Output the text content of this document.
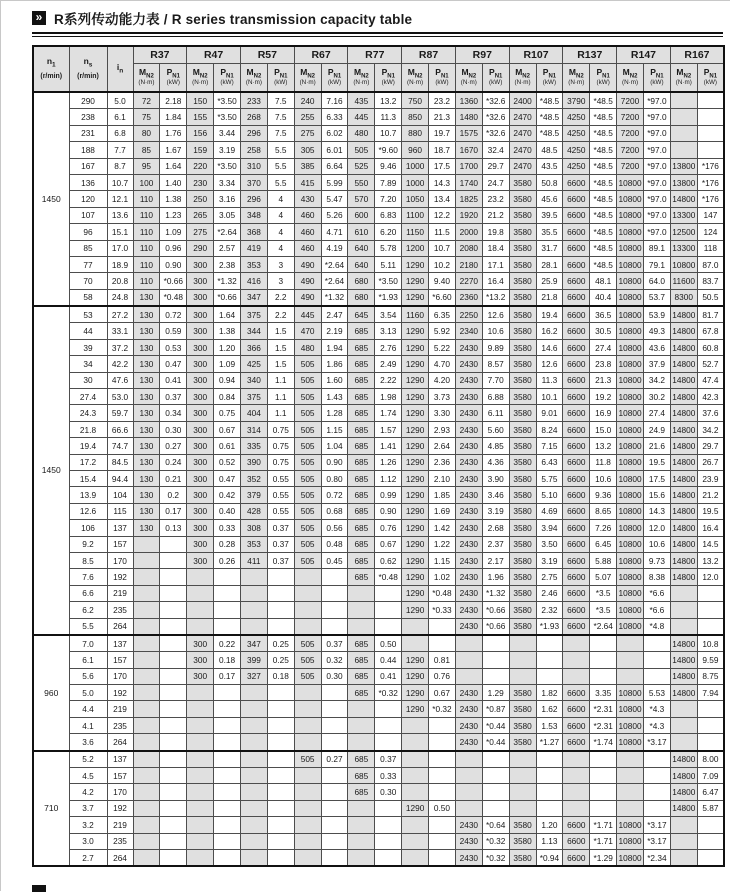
» R系列传动能力表 / R series transmission capacity table
$n_1$
(r/min)	$n_s$
(r/min)	$i_n$	R37		R47		R57		R67		R77		R87		R97		R107		R137		R147		R167	
			$M_{N2}$
(N·m)	$P_{N1}$
(kW)	$M_{N2}$
(N·m)	$P_{N1}$
(kW)	$M_{N2}$
(N·m)	$P_{N1}$
(kW)	$M_{N2}$
(N·m)	$P_{N1}$
(kW)	$M_{N2}$
(N·m)	$P_{N1}$
(kW)	$M_{N2}$
(N·m)	$P_{N1}$
(kW)	$M_{N2}$
(N·m)	$P_{N1}$
(kW)	$M_{N2}$
(N·m)	$P_{N1}$
(kW)	$M_{N2}$
(N·m)	$P_{N1}$
(kW)	$M_{N2}$
(N·m)	$P_{N1}$
(kW)	$M_{N2}$
(N·m)	$P_{N1}$
(kW)

1450	290	5.0	72	2.18	150	*3.50	233	7.5	240	7.16	435	13.2	750	23.2	1360	*32.6	2400	*48.5	3790	*48.5	7200	*97.0		
	238	6.1	75	1.84	155	*3.50	268	7.5	255	6.33	445	11.3	850	21.3	1480	*32.6	2470	*48.5	4250	*48.5	7200	*97.0		
	231	6.8	80	1.76	156	3.44	296	7.5	275	6.02	480	10.7	880	19.7	1575	*32.6	2470	*48.5	4250	*48.5	7200	*97.0		
	188	7.7	85	1.67	159	3.19	258	5.5	305	6.01	505	*9.60	960	18.7	1670	32.4	2470	48.5	4250	*48.5	7200	*97.0		
	167	8.7	95	1.64	220	*3.50	310	5.5	385	6.64	525	9.46	1000	17.5	1700	29.7	2470	43.5	4250	*48.5	7200	*97.0	13800	*176
	136	10.7	100	1.40	230	3.34	370	5.5	415	5.99	550	7.89	1000	14.3	1740	24.7	3580	50.8	6600	*48.5	10800	*97.0	13800	*176
	120	12.1	110	1.38	250	3.16	296	4	430	5.47	570	7.20	1050	13.4	1825	23.2	3580	45.6	6600	*48.5	10800	*97.0	14800	*176
	107	13.6	110	1.23	265	3.05	348	4	460	5.26	600	6.83	1100	12.2	1920	21.2	3580	39.5	6600	*48.5	10800	*97.0	13300	147
	96	15.1	110	1.09	275	*2.64	368	4	460	4.71	610	6.20	1150	11.5	2000	19.8	3580	35.5	6600	*48.5	10800	*97.0	12500	124
	85	17.0	110	0.96	290	2.57	419	4	460	4.19	640	5.78	1200	10.7	2080	18.4	3580	31.7	6600	*48.5	10800	89.1	13300	118
	77	18.9	110	0.90	300	2.38	353	3	490	*2.64	640	5.11	1290	10.2	2180	17.1	3580	28.1	6600	*48.5	10800	79.1	10800	87.0
	70	20.8	110	*0.66	300	*1.32	416	3	490	*2.64	680	*3.50	1290	9.40	2270	16.4	3580	25.9	6600	48.1	10800	64.0	11600	83.7
	58	24.8	130	*0.48	300	*0.66	347	2.2	490	*1.32	680	*1.93	1290	*6.60	2360	*13.2	3580	21.8	6600	40.4	10800	53.7	8300	50.5
1450	53	27.2	130	0.72	300	1.64	375	2.2	445	2.47	645	3.54	1160	6.35	2250	12.6	3580	19.4	6600	36.5	10800	53.9	14800	81.7
	44	33.1	130	0.59	300	1.38	344	1.5	470	2.19	685	3.13	1290	5.92	2340	10.6	3580	16.2	6600	30.5	10800	49.3	14800	67.8
	39	37.2	130	0.53	300	1.20	366	1.5	480	1.94	685	2.76	1290	5.22	2430	9.89	3580	14.6	6600	27.4	10800	43.6	14800	60.8
	34	42.2	130	0.47	300	1.09	425	1.5	505	1.86	685	2.49	1290	4.70	2430	8.57	3580	12.6	6600	23.8	10800	37.9	14800	52.7
	30	47.6	130	0.41	300	0.94	340	1.1	505	1.60	685	2.22	1290	4.20	2430	7.70	3580	11.3	6600	21.3	10800	34.2	14800	47.4
	27.4	53.0	130	0.37	300	0.84	375	1.1	505	1.43	685	1.98	1290	3.73	2430	6.88	3580	10.1	6600	19.2	10800	30.2	14800	42.3
	24.3	59.7	130	0.34	300	0.75	404	1.1	505	1.28	685	1.74	1290	3.30	2430	6.11	3580	9.01	6600	16.9	10800	27.4	14800	37.6
	21.8	66.6	130	0.30	300	0.67	314	0.75	505	1.15	685	1.57	1290	2.93	2430	5.60	3580	8.24	6600	15.0	10800	24.9	14800	34.2
	19.4	74.7	130	0.27	300	0.61	335	0.75	505	1.04	685	1.41	1290	2.64	2430	4.85	3580	7.15	6600	13.2	10800	21.6	14800	29.7
	17.2	84.5	130	0.24	300	0.52	390	0.75	505	0.90	685	1.26	1290	2.36	2430	4.36	3580	6.43	6600	11.8	10800	19.5	14800	26.7
	15.4	94.4	130	0.21	300	0.47	352	0.55	505	0.80	685	1.12	1290	2.10	2430	3.90	3580	5.75	6600	10.6	10800	17.5	14800	23.9
	13.9	104	130	0.2	300	0.42	379	0.55	505	0.72	685	0.99	1290	1.85	2430	3.46	3580	5.10	6600	9.36	10800	15.6	14800	21.2
	12.6	115	130	0.17	300	0.40	428	0.55	505	0.68	685	0.90	1290	1.69	2430	3.19	3580	4.69	6600	8.65	10800	14.3	14800	19.5
	106	137	130	0.13	300	0.33	308	0.37	505	0.56	685	0.76	1290	1.42	2430	2.68	3580	3.94	6600	7.26	10800	12.0	14800	16.4
	9.2	157			300	0.28	353	0.37	505	0.48	685	0.67	1290	1.22	2430	2.37	3580	3.50	6600	6.45	10800	10.6	14800	14.5
	8.5	170			300	0.26	411	0.37	505	0.45	685	0.62	1290	1.15	2430	2.17	3580	3.19	6600	5.88	10800	9.73	14800	13.2
	7.6	192									685	*0.48	1290	1.02	2430	1.96	3580	2.75	6600	5.07	10800	8.38	14800	12.0
	6.6	219											1290	*0.48	2430	*1.32	3580	2.46	6600	*3.5	10800	*6.6		
	6.2	235											1290	*0.33	2430	*0.66	3580	2.32	6600	*3.5	10800	*6.6		
	5.5	264													2430	*0.66	3580	*1.93	6600	*2.64	10800	*4.8		
960	7.0	137			300	0.22	347	0.25	505	0.37	685	0.50											14800	10.8
	6.1	157			300	0.18	399	0.25	505	0.32	685	0.44	1290	0.81									14800	9.59
	5.6	170			300	0.17	327	0.18	505	0.30	685	0.41	1290	0.76									14800	8.75
	5.0	192									685	*0.32	1290	0.67	2430	1.29	3580	1.82	6600	3.35	10800	5.53	14800	7.94
	4.4	219											1290	*0.32	2430	*0.87	3580	1.62	6600	*2.31	10800	*4.3		
	4.1	235													2430	*0.44	3580	1.53	6600	*2.31	10800	*4.3		
	3.6	264													2430	*0.44	3580	*1.27	6600	*1.74	10800	*3.17		
710	5.2	137							505	0.27	685	0.37											14800	8.00
	4.5	157									685	0.33											14800	7.09
	4.2	170									685	0.30											14800	6.47
	3.7	192											1290	0.50									14800	5.87
	3.2	219													2430	*0.64	3580	1.20	6600	*1.71	10800	*3.17		
	3.0	235													2430	*0.32	3580	1.13	6600	*1.71	10800	*3.17		
	2.7	264													2430	*0.32	3580	*0.94	6600	*1.29	10800	*2.34		
